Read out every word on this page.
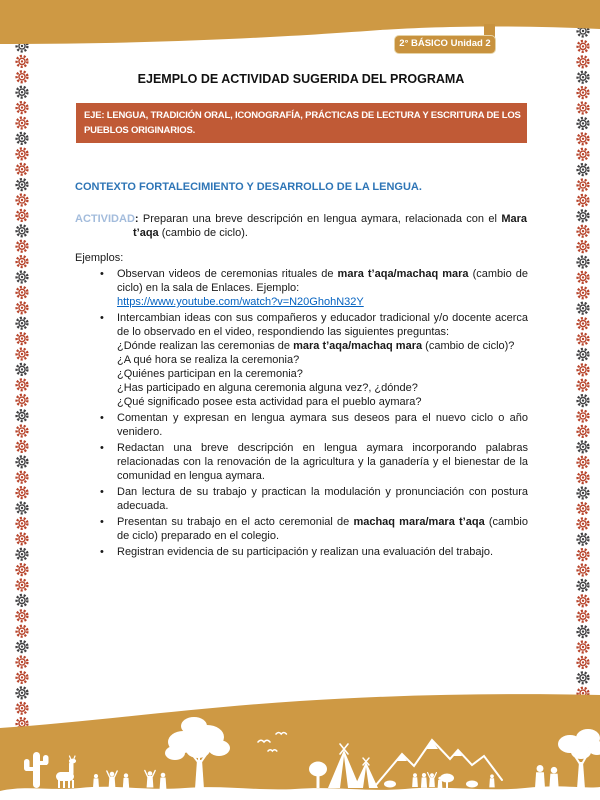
2° BÁSICO Unidad 2
EJEMPLO DE ACTIVIDAD SUGERIDA DEL PROGRAMA
EJE: LENGUA, TRADICIÓN ORAL, ICONOGRAFÍA, PRÁCTICAS DE LECTURA Y ESCRITURA DE LOS
PUEBLOS ORIGINARIOS.
CONTEXTO FORTALECIMIENTO Y DESARROLLO DE LA LENGUA.

ACTIVIDAD: Preparan una breve descripción en lengua aymara, relacionada con el Mara t’aqa (cambio de ciclo).

Ejemplos:
• Observan videos de ceremonias rituales de mara t’aqa/machaq mara (cambio de ciclo) en la sala de Enlaces. Ejemplo:
https://www.youtube.com/watch?v=N20GhohN32Y
• Intercambian ideas con sus compañeros y educador tradicional y/o docente acerca de lo observado en el video, respondiendo las siguientes preguntas:
¿Dónde realizan las ceremonias de mara t’aqa/machaq mara (cambio de ciclo)?
¿A qué hora se realiza la ceremonia?
¿Quiénes participan en la ceremonia?
¿Has participado en alguna ceremonia alguna vez?, ¿dónde?
¿Qué significado posee esta actividad para el pueblo aymara?
• Comentan y expresan en lengua aymara sus deseos para el nuevo ciclo o año venidero.
• Redactan una breve descripción en lengua aymara incorporando palabras relacionadas con la renovación de la agricultura y la ganadería y el bienestar de la comunidad en lengua aymara.
• Dan lectura de su trabajo y practican la modulación y pronunciación con postura adecuada.
• Presentan su trabajo en el acto ceremonial de machaq mara/mara t’aqa (cambio de ciclo) preparado en el colegio.
• Registran evidencia de su participación y realizan una evaluación del trabajo.
